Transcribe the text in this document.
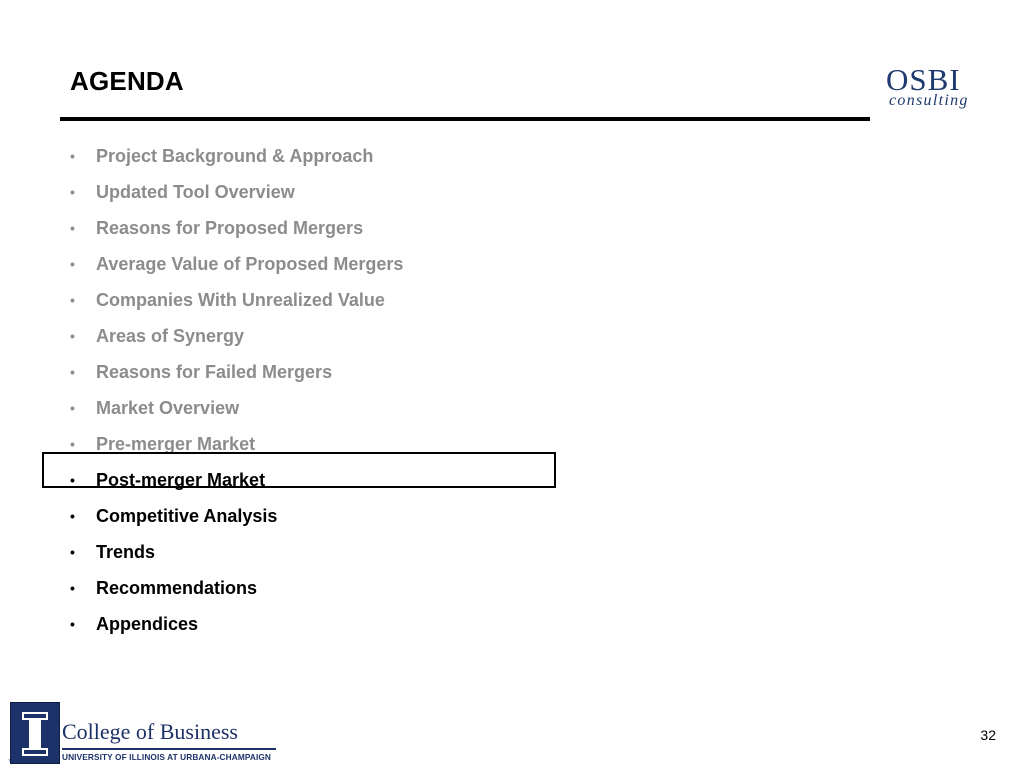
AGENDA	OSBI
consulting
•	Project Background & Approach
•	Updated Tool Overview
•	Reasons for Proposed Mergers
•	Average Value of Proposed Mergers
•	Companies With Unrealized Value
•	Areas of Synergy
•	Reasons for Failed Mergers
•	Market Overview
•	Pre-merger Market
•	Post-merger Market
•	Competitive Analysis
•	Trends
•	Recommendations
•	Appendices
TM
College of Business
UNIVERSITY OF ILLINOIS AT URBANA-CHAMPAIGN
32
